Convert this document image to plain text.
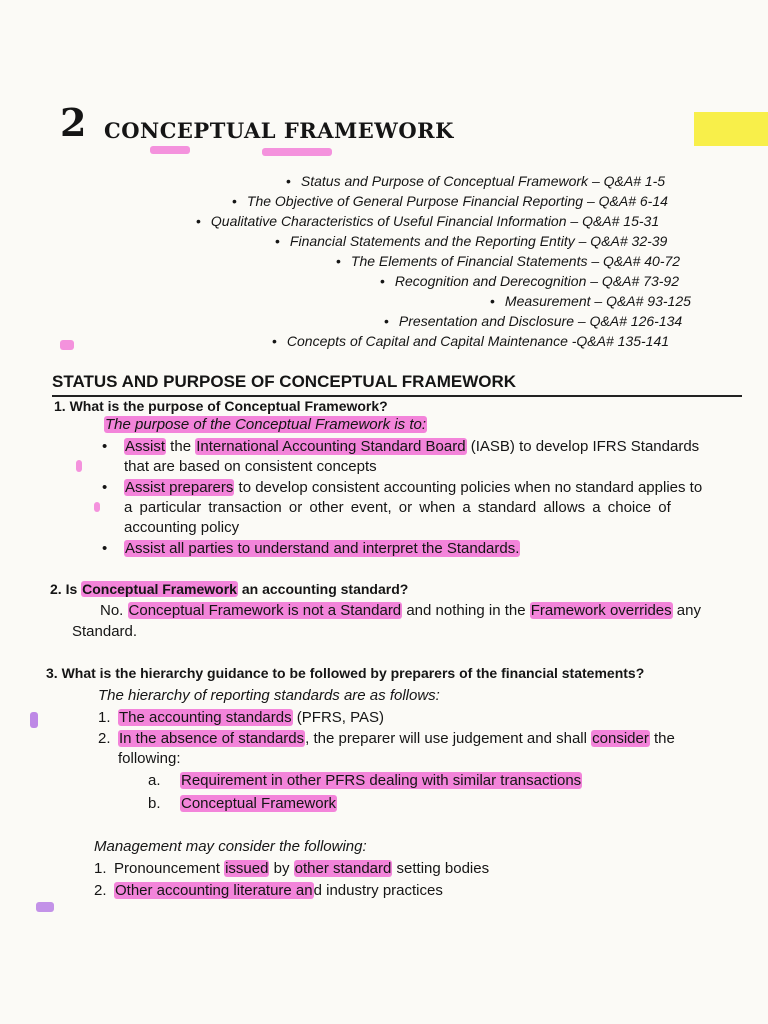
2 CONCEPTUAL FRAMEWORK
• Status and Purpose of Conceptual Framework – Q&A# 1-5
• The Objective of General Purpose Financial Reporting – Q&A# 6-14
• Qualitative Characteristics of Useful Financial Information – Q&A# 15-31
• Financial Statements and the Reporting Entity – Q&A# 32-39
• The Elements of Financial Statements – Q&A# 40-72
• Recognition and Derecognition – Q&A# 73-92
• Measurement – Q&A# 93-125
• Presentation and Disclosure – Q&A# 126-134
• Concepts of Capital and Capital Maintenance -Q&A# 135-141
STATUS AND PURPOSE OF CONCEPTUAL FRAMEWORK
1. What is the purpose of Conceptual Framework?
The purpose of the Conceptual Framework is to:
• Assist the International Accounting Standard Board (IASB) to develop IFRS Standards
that are based on consistent concepts
• Assist preparers to develop consistent accounting policies when no standard applies to
a particular transaction or other event, or when a standard allows a choice of
accounting policy
• Assist all parties to understand and interpret the Standards.
2. Is Conceptual Framework an accounting standard?
No. Conceptual Framework is not a Standard and nothing in the Framework overrides any
Standard.
3. What is the hierarchy guidance to be followed by preparers of the financial statements?
The hierarchy of reporting standards are as follows:
1. The accounting standards (PFRS, PAS)
2. In the absence of standards, the preparer will use judgement and shall consider the
following:
a. Requirement in other PFRS dealing with similar transactions
b. Conceptual Framework
Management may consider the following:
1. Pronouncement issued by other standard setting bodies
2. Other accounting literature and industry practices
